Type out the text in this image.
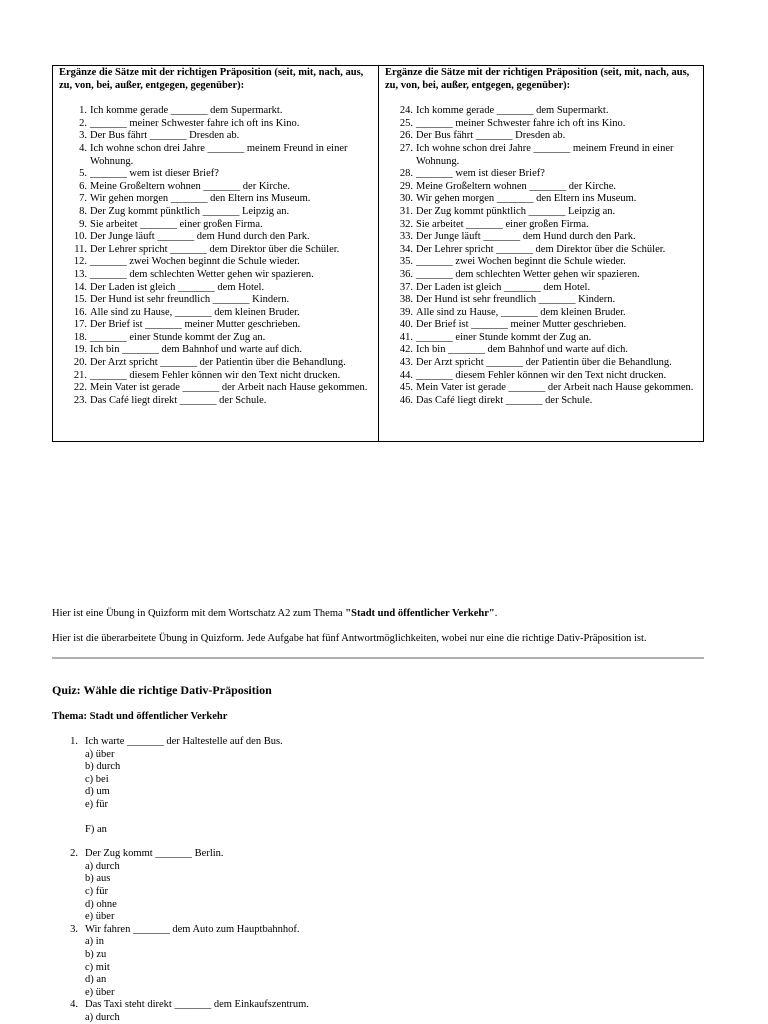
Ergänze die Sätze mit der richtigen Präposition (seit, mit, nach, aus, zu, von, bei, außer, entgegen, gegenüber):
1. Ich komme gerade _______ dem Supermarkt.
2. _______ meiner Schwester fahre ich oft ins Kino.
3. Der Bus fährt _______ Dresden ab.
4. Ich wohne schon drei Jahre _______ meinem Freund in einer Wohnung.
5. _______ wem ist dieser Brief?
6. Meine Großeltern wohnen _______ der Kirche.
7. Wir gehen morgen _______ den Eltern ins Museum.
8. Der Zug kommt pünktlich _______ Leipzig an.
9. Sie arbeitet _______ einer großen Firma.
10. Der Junge läuft _______ dem Hund durch den Park.
11. Der Lehrer spricht _______ dem Direktor über die Schüler.
12. _______ zwei Wochen beginnt die Schule wieder.
13. _______ dem schlechten Wetter gehen wir spazieren.
14. Der Laden ist gleich _______ dem Hotel.
15. Der Hund ist sehr freundlich _______ Kindern.
16. Alle sind zu Hause, _______ dem kleinen Bruder.
17. Der Brief ist _______ meiner Mutter geschrieben.
18. _______ einer Stunde kommt der Zug an.
19. Ich bin _______ dem Bahnhof und warte auf dich.
20. Der Arzt spricht _______ der Patientin über die Behandlung.
21. _______ diesem Fehler können wir den Text nicht drucken.
22. Mein Vater ist gerade _______ der Arbeit nach Hause gekommen.
23. Das Café liegt direkt _______ der Schule.
Ergänze die Sätze mit der richtigen Präposition (seit, mit, nach, aus, zu, von, bei, außer, entgegen, gegenüber):
24. Ich komme gerade _______ dem Supermarkt.
25. _______ meiner Schwester fahre ich oft ins Kino.
26. Der Bus fährt _______ Dresden ab.
27. Ich wohne schon drei Jahre _______ meinem Freund in einer Wohnung.
28. _______ wem ist dieser Brief?
29. Meine Großeltern wohnen _______ der Kirche.
30. Wir gehen morgen _______ den Eltern ins Museum.
31. Der Zug kommt pünktlich _______ Leipzig an.
32. Sie arbeitet _______ einer großen Firma.
33. Der Junge läuft _______ dem Hund durch den Park.
34. Der Lehrer spricht _______ dem Direktor über die Schüler.
35. _______ zwei Wochen beginnt die Schule wieder.
36. _______ dem schlechten Wetter gehen wir spazieren.
37. Der Laden ist gleich _______ dem Hotel.
38. Der Hund ist sehr freundlich _______ Kindern.
39. Alle sind zu Hause, _______ dem kleinen Bruder.
40. Der Brief ist _______ meiner Mutter geschrieben.
41. _______ einer Stunde kommt der Zug an.
42. Ich bin _______ dem Bahnhof und warte auf dich.
43. Der Arzt spricht _______ der Patientin über die Behandlung.
44. _______ diesem Fehler können wir den Text nicht drucken.
45. Mein Vater ist gerade _______ der Arbeit nach Hause gekommen.
46. Das Café liegt direkt _______ der Schule.
Hier ist eine Übung in Quizform mit dem Wortschatz A2 zum Thema "Stadt und öffentlicher Verkehr".
Hier ist die überarbeitete Übung in Quizform. Jede Aufgabe hat fünf Antwortmöglichkeiten, wobei nur eine die richtige Dativ-Präposition ist.
Quiz: Wähle die richtige Dativ-Präposition
Thema: Stadt und öffentlicher Verkehr
1. Ich warte _______ der Haltestelle auf den Bus.
a) über
b) durch
c) bei
d) um
e) für
F) an
2. Der Zug kommt _______ Berlin.
a) durch
b) aus
c) für
d) ohne
e) über
3. Wir fahren _______ dem Auto zum Hauptbahnhof.
a) in
b) zu
c) mit
d) an
e) über
4. Das Taxi steht direkt _______ dem Einkaufszentrum.
a) durch
